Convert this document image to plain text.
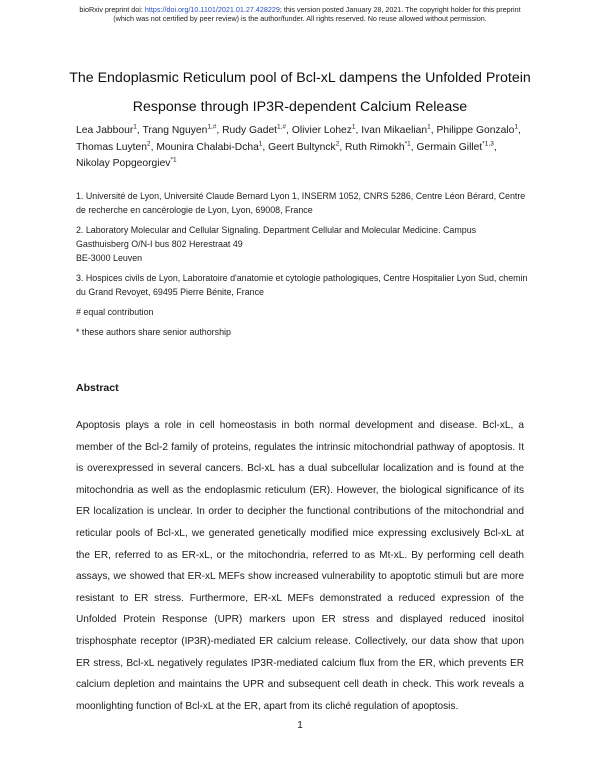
bioRxiv preprint doi: https://doi.org/10.1101/2021.01.27.428229; this version posted January 28, 2021. The copyright holder for this preprint
(which was not certified by peer review) is the author/funder. All rights reserved. No reuse allowed without permission.
The Endoplasmic Reticulum pool of Bcl-xL dampens the Unfolded Protein
Response through IP3R-dependent Calcium Release
Lea Jabbour$^1$, Trang Nguyen$^{1,\#}$, Rudy Gadet$^{1,\#}$, Olivier Lohez$^1$, Ivan Mikaelian$^1$, Philippe Gonzalo$^1$, Thomas Luyten$^2$, Mounira Chalabi-Dcha$^1$, Geert Bultynck$^2$, Ruth Rimokh$^{*1}$, Germain Gillet$^{*1,3}$, Nikolay Popgeorgiev$^{*1}$

1. Université de Lyon, Université Claude Bernard Lyon 1, INSERM 1052, CNRS 5286, Centre Léon Bérard, Centre de recherche en cancérologie de Lyon, Lyon, 69008, France

2. Laboratory Molecular and Cellular Signaling. Department Cellular and Molecular Medicine. Campus Gasthuisberg O/N-I bus 802 Herestraat 49

BE-3000 Leuven

3. Hospices civils de Lyon, Laboratoire d'anatomie et cytologie pathologiques, Centre Hospitalier Lyon Sud, chemin du Grand Revoyet, 69495 Pierre Bénite, France

# equal contribution

* these authors share senior authorship

Abstract
Apoptosis plays a role in cell homeostasis in both normal development and disease. Bcl-xL, a member of the Bcl-2 family of proteins, regulates the intrinsic mitochondrial pathway of apoptosis. It is overexpressed in several cancers. Bcl-xL has a dual subcellular localization and is found at the mitochondria as well as the endoplasmic reticulum (ER). However, the biological significance of its ER localization is unclear. In order to decipher the functional contributions of the mitochondrial and reticular pools of Bcl-xL, we generated genetically modified mice expressing exclusively Bcl-xL at the ER, referred to as ER-xL, or the mitochondria, referred to as Mt-xL. By performing cell death assays, we showed that ER-xL MEFs show increased vulnerability to apoptotic stimuli but are more resistant to ER stress. Furthermore, ER-xL MEFs demonstrated a reduced expression of the Unfolded Protein Response (UPR) markers upon ER stress and displayed reduced inositol trisphosphate receptor (IP3R)-mediated ER calcium release. Collectively, our data show that upon ER stress, Bcl-xL negatively regulates IP3R-mediated calcium flux from the ER, which prevents ER calcium depletion and maintains the UPR and subsequent cell death in check. This work reveals a moonlighting function of Bcl-xL at the ER, apart from its cliché regulation of apoptosis.
1
